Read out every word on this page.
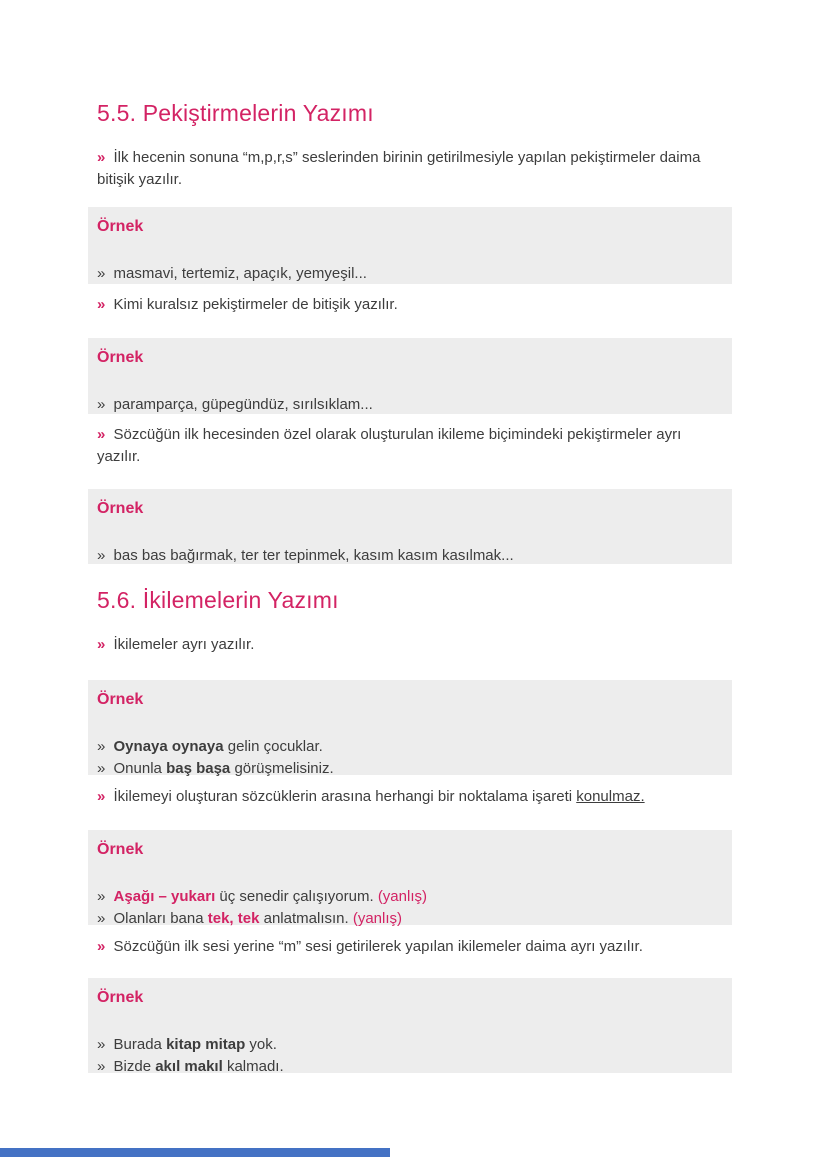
5.5. Pekiştirmelerin Yazımı

» İlk hecenin sonuna “m,p,r,s” seslerinden birinin getirilmesiyle yapılan pekiştirmeler daima bitişik yazılır.

Örnek
» masmavi, tertemiz, apaçık, yemyeşil...

» Kimi kuralsız pekiştirmeler de bitişik yazılır.

Örnek
» paramparça, güpegündüz, sırılsıklam...

» Sözcüğün ilk hecesinden özel olarak oluşturulan ikileme biçimindeki pekiştirmeler ayrı yazılır.

Örnek
» bas bas bağırmak, ter ter tepinmek, kasım kasım kasılmak...
5.6. İkilemelerin Yazımı

» İkilemeler ayrı yazılır.

Örnek
» Oynaya oynaya gelin çocuklar.
» Onunla baş başa görüşmelisiniz.

» İkilemeyi oluşturan sözcüklerin arasına herhangi bir noktalama işareti konulmaz.

Örnek
» Aşağı – yukarı üç senedir çalışıyorum. (yanlış)
» Olanları bana tek, tek anlatmalısın. (yanlış)

» Sözcüğün ilk sesi yerine “m” sesi getirilerek yapılan ikilemeler daima ayrı yazılır.

Örnek
» Burada kitap mitap yok.
» Bizde akıl makıl kalmadı.
